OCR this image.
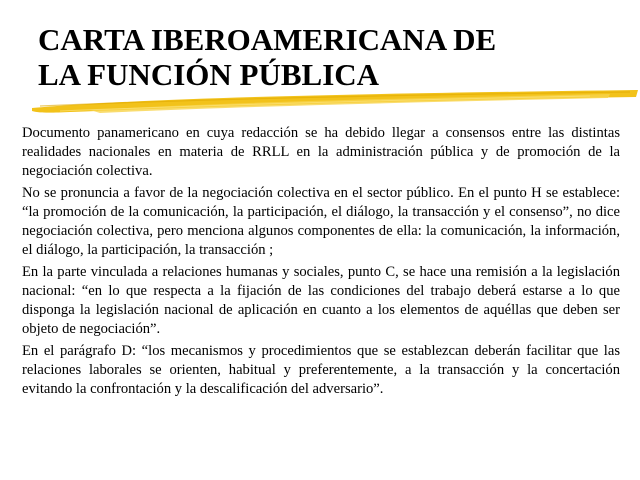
CARTA IBEROAMERICANA DE
LA FUNCIÓN PÚBLICA

Documento panamericano en cuya redacción se ha debido llegar a consensos entre las distintas realidades nacionales en materia de RRLL en la administración pública y de promoción de la negociación colectiva.

No se pronuncia a favor de la negociación colectiva en el sector público. En el punto H se establece: “la promoción de la comunicación, la participación, el diálogo, la transacción y el consenso”, no dice negociación colectiva, pero menciona algunos componentes de ella: la comunicación, la información, el diálogo, la participación, la transacción ;

En la parte vinculada a relaciones humanas y sociales, punto C, se hace una remisión a la legislación nacional: “en lo que respecta a la fijación de las condiciones del trabajo deberá estarse a lo que disponga la legislación nacional de aplicación en cuanto a los elementos de aquéllas que deben ser objeto de negociación”.

En el parágrafo D: “los mecanismos y procedimientos que se establezcan deberán facilitar que las relaciones laborales se orienten, habitual y preferentemente, a la transacción y la concertación evitando la confrontación y la descalificación del adversario”.
